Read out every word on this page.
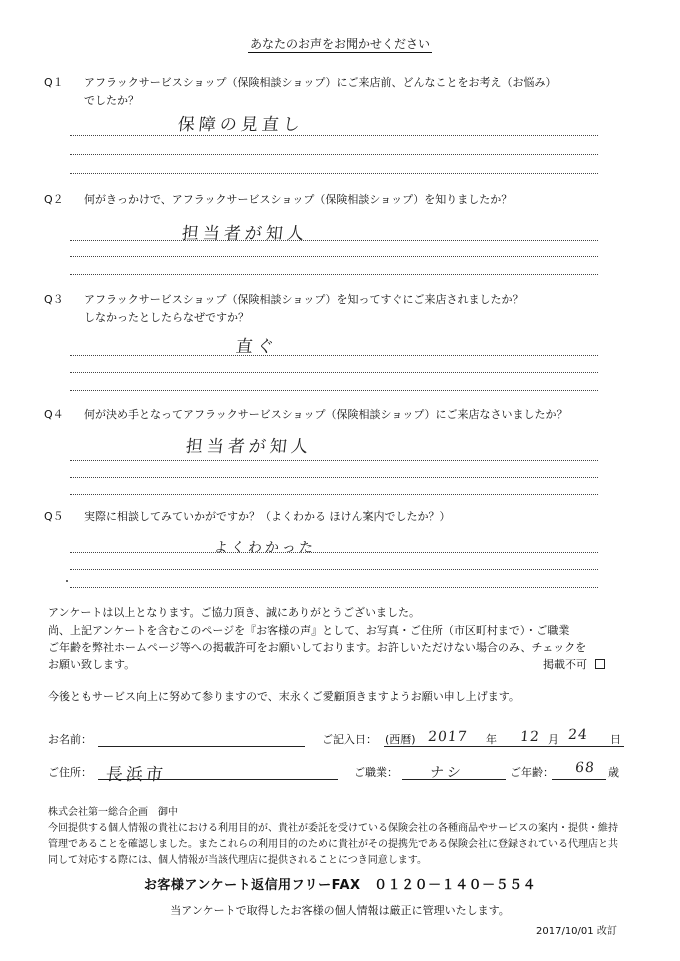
あなたのお声をお聞かせください
Q１ アフラックサービスショップ（保険相談ショップ）にご来店前、どんなことをお考え（お悩み）
でしたか？
保障の見直し
Q２ 何がきっかけで、アフラックサービスショップ（保険相談ショップ）を知りましたか？
担当者が知人
Q３ アフラックサービスショップ（保険相談ショップ）を知ってすぐにご来店されましたか？
しなかったとしたらなぜですか？
直ぐ
Q４ 何が決め手となってアフラックサービスショップ（保険相談ショップ）にご来店なさいましたか？
担当者が知人
Q５ 実際に相談してみていかがですか？（よくわかる ほけん案内でしたか？）
よくわかった
アンケートは以上となります。ご協力頂き、誠にありがとうございました。
尚、上記アンケートを含むこのページを『お客様の声』として、お写真・ご住所（市区町村まで）・ご職業
ご年齢を弊社ホームページ等への掲載許可をお願いしております。お許しいただけない場合のみ、チェックを
お願い致します。	掲載不可
今後ともサービス向上に努めて参りますので、末永くご愛顧頂きますようお願い申し上げます。
お名前：	ご記入日： (西暦) 2017 年 12 月 24 日
ご住所： 長浜市	ご職業： ナシ	ご年齢： 68 歳
株式会社第一総合企画　御中
今回提供する個人情報の貴社における利用目的が、貴社が委託を受けている保険会社の各種商品やサービスの案内・提供・維持
管理であることを確認しました。またこれらの利用目的のために貴社がその提携先である保険会社に登録されている代理店と共
同して対応する際には、個人情報が当該代理店に提供されることにつき同意します。
お客様アンケート返信用フリーFAX　０１２０－１４０－５５４
当アンケートで取得したお客様の個人情報は厳正に管理いたします。
2017/10/01 改訂
